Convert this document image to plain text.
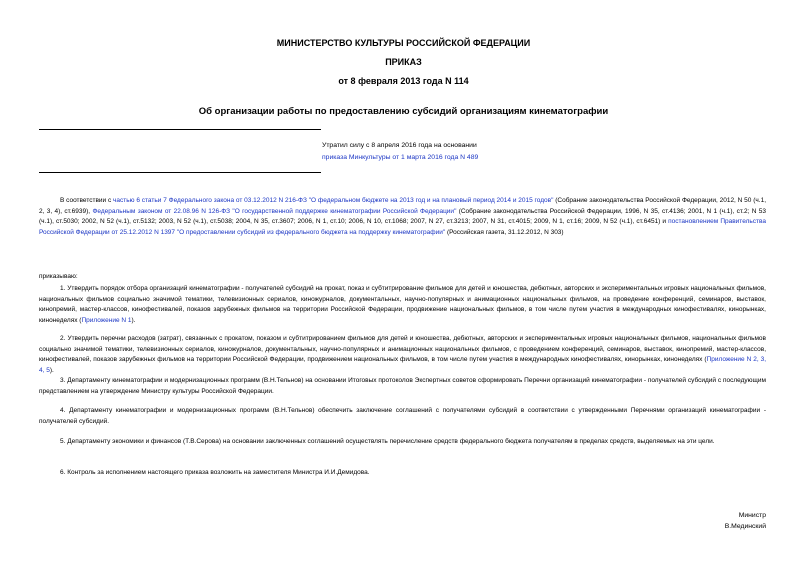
МИНИСТЕРСТВО КУЛЬТУРЫ РОССИЙСКОЙ ФЕДЕРАЦИИ
ПРИКАЗ
от 8 февраля 2013 года N 114
Об организации работы по предоставлению субсидий организациям кинематографии
Утратил силу с 8 апреля 2016 года на основании
приказа Минкультуры от 1 марта 2016 года N 489
В соответствии с частью 6 статьи 7 Федерального закона от 03.12.2012 N 216-ФЗ "О федеральном бюджете на 2013 год и на плановый период 2014 и 2015 годов" (Собрание законодательства Российской Федерации, 2012, N 50 (ч.1, 2, 3, 4), ст.6939), Федеральным законом от 22.08.96 N 126-ФЗ "О государственной поддержке кинематографии Российской Федерации" (Собрание законодательства Российской Федерации, 1996, N 35, ст.4136; 2001, N 1 (ч.1), ст.2; N 53 (ч.1), ст.5030; 2002, N 52 (ч.1), ст.5132; 2003, N 52 (ч.1), ст.5038; 2004, N 35, ст.3607; 2006, N 1, ст.10; 2006, N 10, ст.1068; 2007, N 27, ст.3213; 2007, N 31, ст.4015; 2009, N 1, ст.16; 2009, N 52 (ч.1), ст.6451) и постановлением Правительства Российской Федерации от 25.12.2012 N 1397 "О предоставлении субсидий из федерального бюджета на поддержку кинематографии" (Российская газета, 31.12.2012, N 303)
приказываю:
1. Утвердить порядок отбора организаций кинематографии - получателей субсидий на прокат, показ и субтитрирование фильмов для детей и юношества, дебютных, авторских и экспериментальных игровых национальных фильмов, национальных фильмов социально значимой тематики, телевизионных сериалов, киножурналов, документальных, научно-популярных и анимационных национальных фильмов, на проведение конференций, семинаров, выставок, кинопремий, мастер-классов, кинофестивалей, показов зарубежных фильмов на территории Российской Федерации, продвижение национальных фильмов, в том числе путем участия в международных кинофестивалях, кинорынках, кинонеделях (Приложение N 1).
2. Утвердить перечни расходов (затрат), связанных с прокатом, показом и субтитрированием фильмов для детей и юношества, дебютных, авторских и экспериментальных игровых национальных фильмов, национальных фильмов социально значимой тематики, телевизионных сериалов, киножурналов, документальных, научно-популярных и анимационных национальных фильмов, с проведением конференций, семинаров, выставок, кинопремий, мастер-классов, кинофестивалей, показов зарубежных фильмов на территории Российской Федерации, продвижением национальных фильмов, в том числе путем участия в международных кинофестивалях, кинорынках, кинонеделях (Приложение N 2, 3, 4, 5).
3. Департаменту кинематографии и модернизационных программ (В.Н.Тельнов) на основании Итоговых протоколов Экспертных советов сформировать Перечни организаций кинематографии - получателей субсидий с последующим представлением на утверждение Министру культуры Российской Федерации.
4. Департаменту кинематографии и модернизационных программ (В.Н.Тельнов) обеспечить заключение соглашений с получателями субсидий в соответствии с утвержденными Перечнями организаций кинематографии - получателей субсидий.
5. Департаменту экономики и финансов (Т.В.Серова) на основании заключенных соглашений осуществлять перечисление средств федерального бюджета получателям в пределах средств, выделяемых на эти цели.
6. Контроль за исполнением настоящего приказа возложить на заместителя Министра И.И.Демидова.
Министр
В.Мединский
